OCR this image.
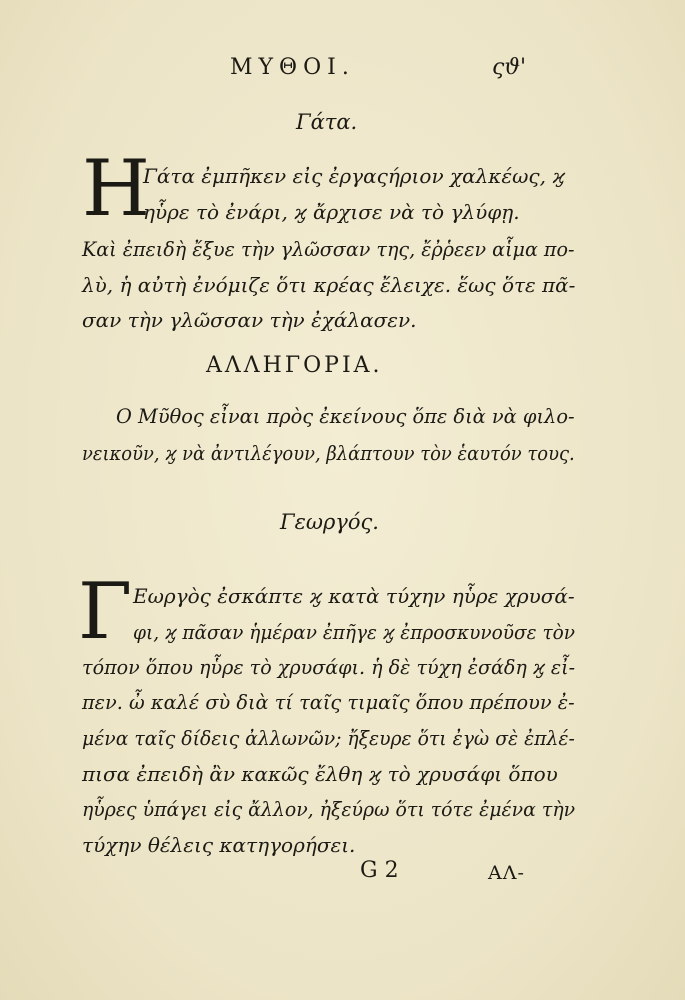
ΜΥΘΟΙ.	ςϑ'
Γάτα.
Η
Γάτα ἐμπῆκεν εἰς ἐργαςήριον χαλκέως, ϗ
ηὗρε τὸ ἐνάρι, ϗ ἄρχισε νὰ τὸ γλύφῃ.
Καὶ ἐπειδὴ ἔξυε τὴν γλῶσσαν της, ἔῤῥεεν αἷμα πο-
λὺ, ἡ αὐτὴ ἐνόμιζε ὅτι κρέας ἔλειχε. ἕως ὅτε πᾶ-
σαν τὴν γλῶσσαν τὴν ἐχάλασεν.
ΑΛΛΗΓΟΡΙΑ.
Ο Μῦθος εἶναι πρὸς ἐκείνους ὅπε διὰ νὰ φιλο-
νεικοῦν, ϗ νὰ ἀντιλέγουν, βλάπτουν τὸν ἑαυτόν τους.
Γεωργός.
Γ Εωργὸς ἐσκάπτε ϗ κατὰ τύχην ηὗρε χρυσά-
φι, ϗ πᾶσαν ἡμέραν ἐπῆγε ϗ ἐπροσκυνοῦσε τὸν
τόπον ὅπου ηὗρε τὸ χρυσάφι. ἡ δὲ τύχη ἐσάδη ϗ εἶ-
πεν. ὦ καλέ σὺ διὰ τί ταῖς τιμαῖς ὅπου πρέπουν ἐ-
μένα ταῖς δίδεις ἀλλωνῶν; ἤξευρε ὅτι ἐγὼ σὲ ἐπλέ-
πισα ἐπειδὴ ἂν κακῶς ἔλθη ϗ τὸ χρυσάφι ὅπου
ηὗρες ὑπάγει εἰς ἄλλον, ἠξεύρω ὅτι τότε ἐμένα τὴν
τύχην θέλεις κατηγορήσει.
G 2	ΑΛ-
